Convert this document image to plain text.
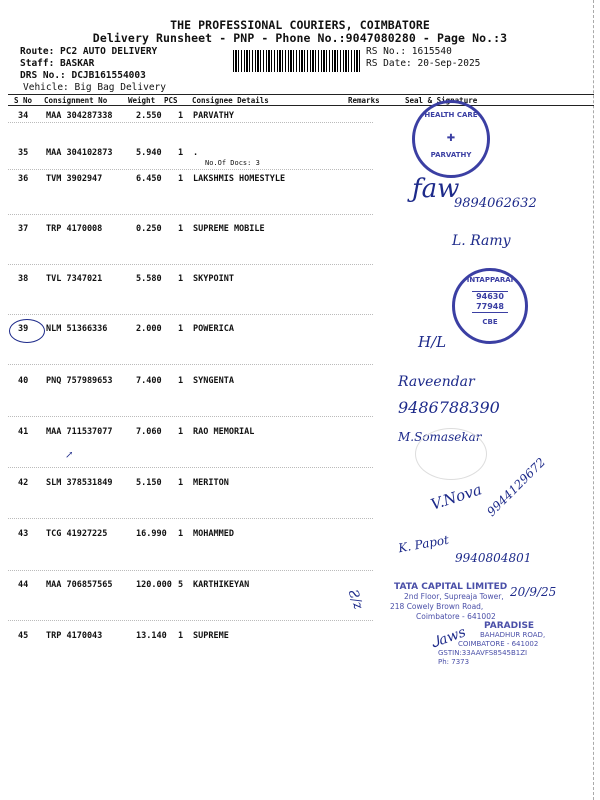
THE PROFESSIONAL COURIERS, COIMBATORE
Delivery Runsheet - PNP - Phone No.:9047080280 - Page No.:3
Route: PC2 AUTO DELIVERY
Staff: BASKAR
DRS No.: DCJB161554003
Vehicle: Big Bag Delivery
RS No.: 1615540
RS Date: 20-Sep-2025
S No Consignment No	Weight PCS Consignee Details	Remarks	Seal & Signature
34 MAA 304287338	2.550 1 PARVATHY
35 MAA 304102873	5.940 1 .
No.Of Docs: 3
36 TVM 3902947	6.450 1 LAKSHMIS HOMESTYLE
37 TRP 4170008	0.250 1 SUPREME MOBILE
38 TVL 7347021	5.580 1 SKYPOINT
39 NLM 51366336	2.000 1 POWERICA
40 PNQ 757989653	7.400 1 SYNGENTA
41 MAA 711537077	7.060 1 RAO MEMORIAL
42 SLM 378531849	5.150 1 MERITON
43 TCG 41927225	16.990 1 MOHAMMED
44 MAA 706857565	120.000 5 KARTHIKEYAN
45 TRP 4170043	13.140 1 SUPREME
HEALTH CARE
✚
PARVATHY
ƒaw
9894062632
L. Ramy
INTAPPARAI
94630
77948
CBE
H/L
Raveendar
9486788390
M.Somasekar
↗
V.Nova 9944129672
K. Papot
9940804801
Ƨ/z	20/9/25
TATA CAPITAL LIMITED
2nd Floor, Supreaja Tower,
218 Cowely Brown Road,
Coimbatore - 641002
PARADISE
BAHADHUR ROAD,
COIMBATORE - 641002
GSTIN:33AAVFS8545B1ZI
Ph: 7373
ᒍaws
